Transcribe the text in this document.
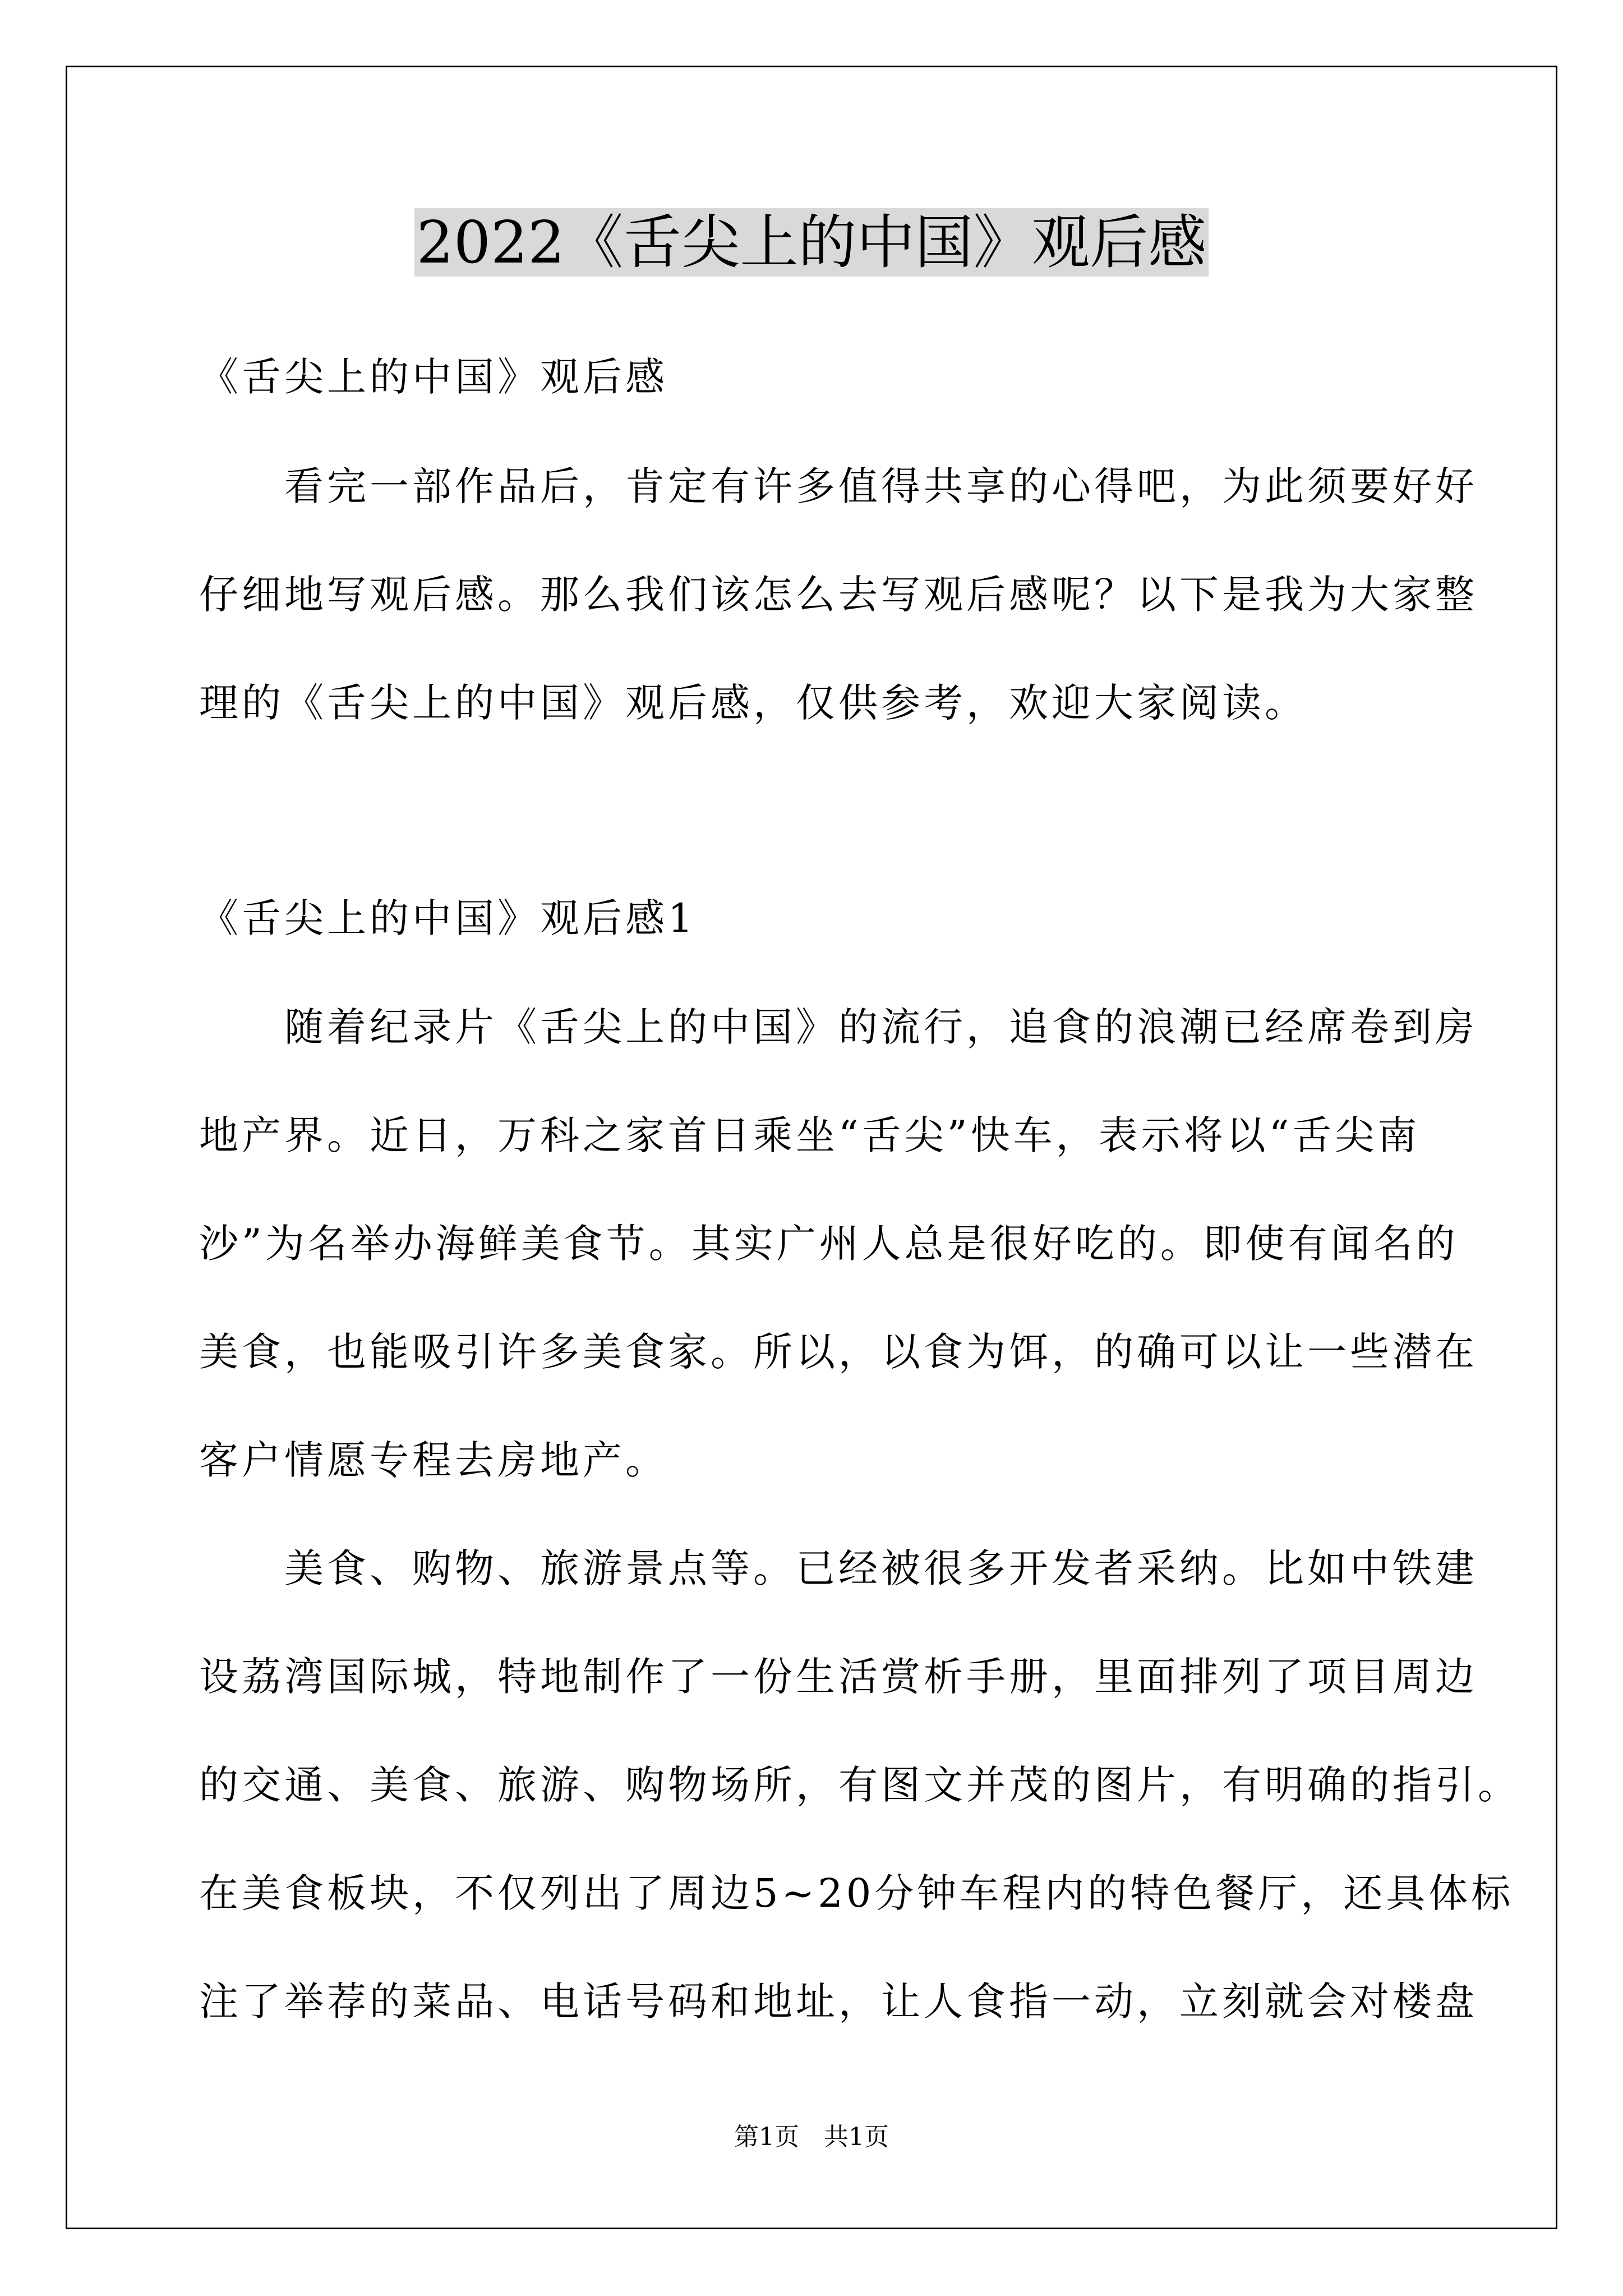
2022《舌尖上的中国》观后感

《舌尖上的中国》观后感

　　看完一部作品后，肯定有许多值得共享的心得吧，为此须要好好

仔细地写观后感。那么我们该怎么去写观后感呢？以下是我为大家整

理的《舌尖上的中国》观后感，仅供参考，欢迎大家阅读。

《舌尖上的中国》观后感1

　　随着纪录片《舌尖上的中国》的流行，追食的浪潮已经席卷到房

地产界。近日，万科之家首日乘坐“舌尖”快车，表示将以“舌尖南

沙”为名举办海鲜美食节。其实广州人总是很好吃的。即使有闻名的

美食，也能吸引许多美食家。所以，以食为饵，的确可以让一些潜在

客户情愿专程去房地产。

　　美食、购物、旅游景点等。已经被很多开发者采纳。比如中铁建

设荔湾国际城，特地制作了一份生活赏析手册，里面排列了项目周边

的交通、美食、旅游、购物场所，有图文并茂的图片，有明确的指引。

在美食板块，不仅列出了周边5~20分钟车程内的特色餐厅，还具体标

注了举荐的菜品、电话号码和地址，让人食指一动，立刻就会对楼盘

第1页　共1页
